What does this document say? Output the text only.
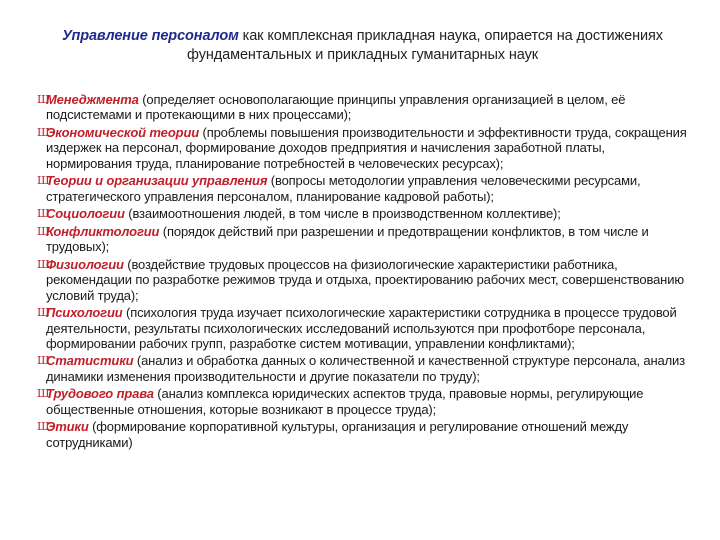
Управление персоналом как комплексная прикладная наука, опирается на достижениях фундаментальных и прикладных гуманитарных наук
Ш
Менеджмента (определяет основополагающие принципы управления организацией в целом, её подсистемами и протекающими в них процессами);
Ш
Экономической теории (проблемы повышения производительности и эффективности труда, сокращения издержек на персонал, формирование доходов предприятия и начисления заработной платы, нормирования труда, планирование потребностей в человеческих ресурсах);
Ш
Теории и организации управления (вопросы методологии управления человеческими ресурсами, стратегического управления персоналом, планирование кадровой работы);
Ш
Социологии (взаимоотношения людей, в том числе в производственном коллективе);
Ш
Конфликтологии (порядок действий при разрешении и предотвращении конфликтов, в том числе и трудовых);
Ш
Физиологии (воздействие трудовых процессов на физиологические характеристики работника, рекомендации по разработке режимов труда и отдыха, проектированию рабочих мест, совершенствованию условий труда);
Ш
Психологии (психология труда изучает психологические характеристики сотрудника в процессе трудовой деятельности, результаты психологических исследований используются при профотборе персонала, формировании рабочих групп, разработке систем мотивации, управлении конфликтами);
Ш
Статистики (анализ и обработка данных о количественной и качественной структуре персонала, анализ динамики изменения производительности и другие показатели по труду);
Ш
Трудового права (анализ комплекса юридических аспектов труда, правовые нормы, регулирующие общественные отношения, которые возникают в процессе труда);
Ш
Этики (формирование корпоративной культуры, организация и регулирование отношений между сотрудниками)
